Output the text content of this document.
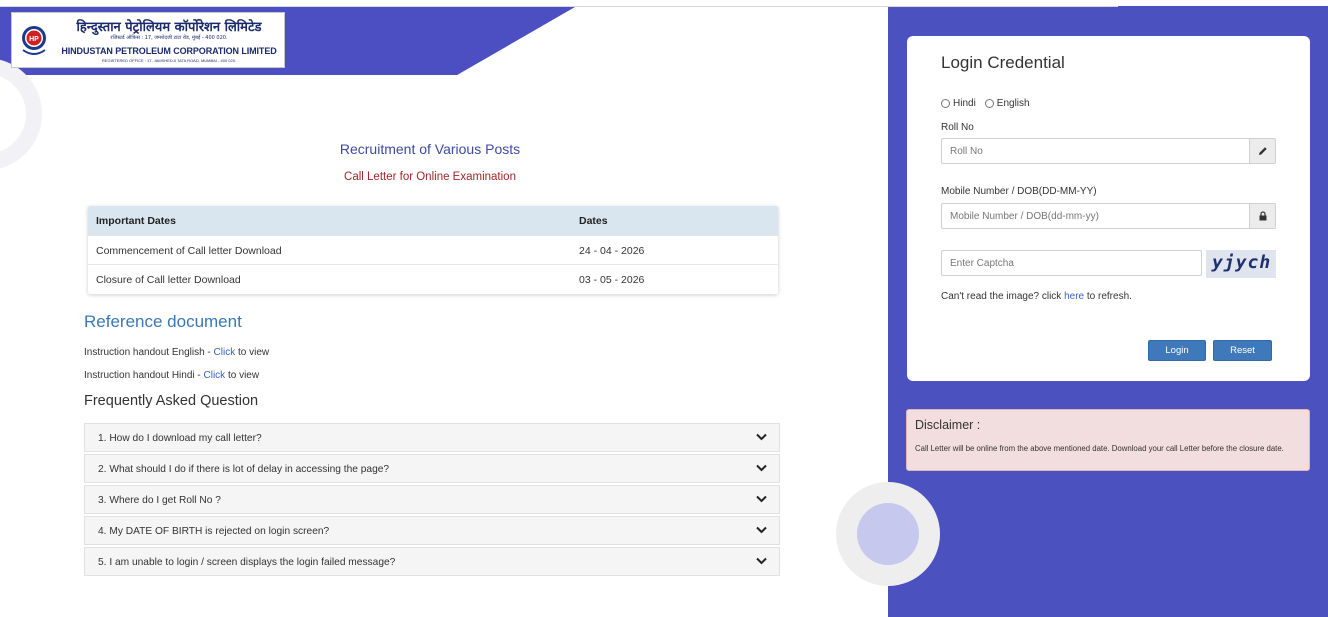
HP
हिन्दुस्तान पेट्रोलियम कॉर्पोरेशन लिमिटेड
रजिस्टर्ड ऑफिस : 17, जमशेदजी टाटा रोड, मुंबई - 400 020.
HINDUSTAN PETROLEUM CORPORATION LIMITED
REGISTERED OFFICE : 17, JAMSHEDJI TATA ROAD, MUMBAI - 400 020.
Recruitment of Various Posts
Call Letter for Online Examination
Important Dates	Dates
Commencement of Call letter Download	24 - 04 - 2026
Closure of Call letter Download	03 - 05 - 2026
Reference document
Instruction handout English - Click to view
Instruction handout Hindi - Click to view
Frequently Asked Question
1. How do I download my call letter?
2. What should I do if there is lot of delay in accessing the page?
3. Where do I get Roll No ?
4. My DATE OF BIRTH is rejected on login screen?
5. I am unable to login / screen displays the login failed message?
Login Credential
Hindi English
Roll No
Roll No
Mobile Number / DOB(DD-MM-YY)
Mobile Number / DOB(dd-mm-yy)
Enter Captcha
yjych
Can't read the image? click here to refresh.
Login	Reset
Disclaimer :
Call Letter will be online from the above mentioned date. Download your call Letter before the closure date.
